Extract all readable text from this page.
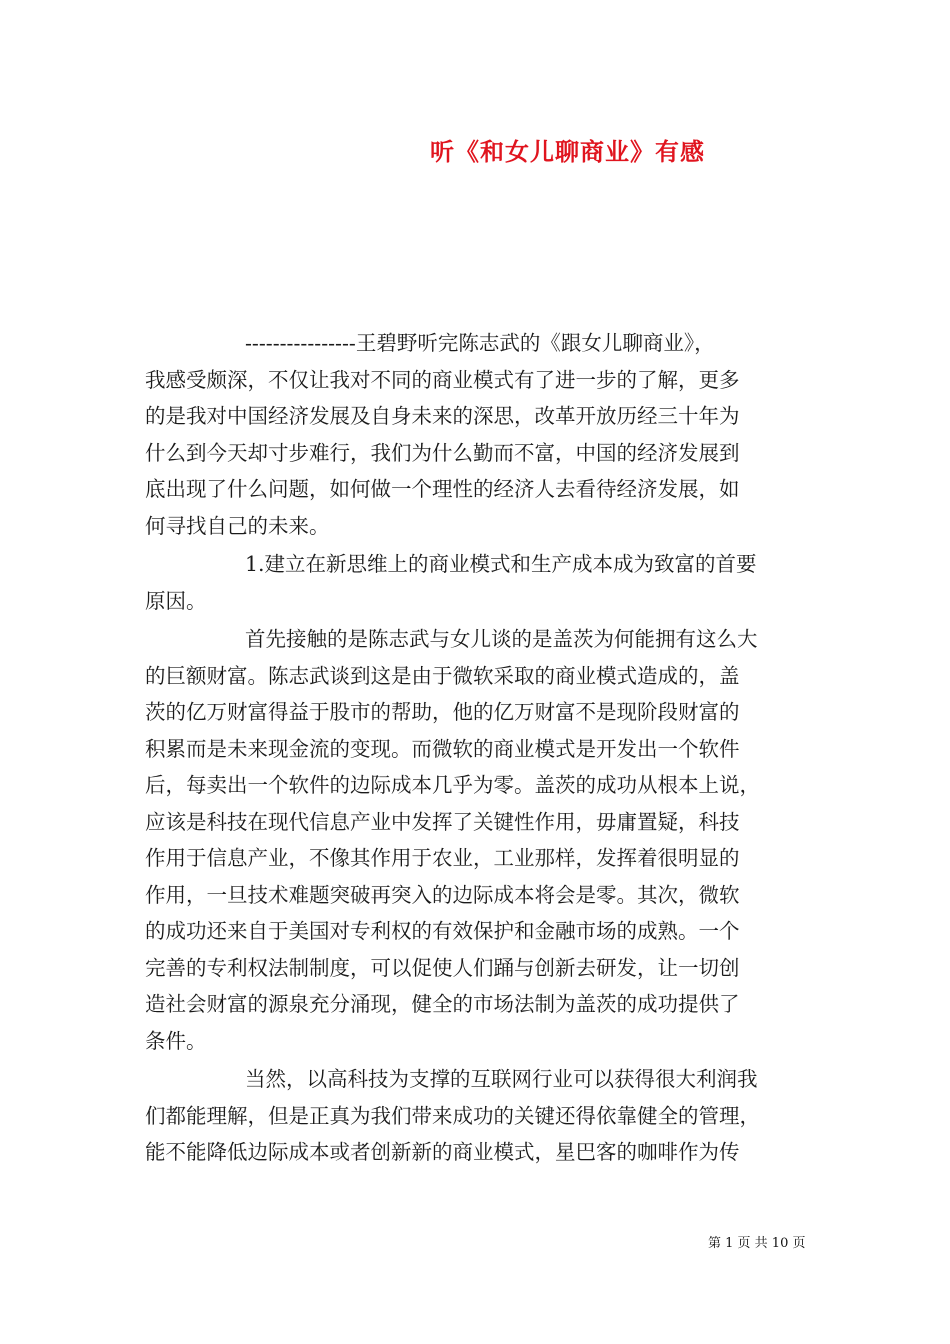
听《和女儿聊商业》有感

----------------王碧野听完陈志武的《跟女儿聊商业》，
我感受颇深，不仅让我对不同的商业模式有了进一步的了解，更多
的是我对中国经济发展及自身未来的深思，改革开放历经三十年为
什么到今天却寸步难行，我们为什么勤而不富，中国的经济发展到
底出现了什么问题，如何做一个理性的经济人去看待经济发展，如
何寻找自己的未来。

1.建立在新思维上的商业模式和生产成本成为致富的首要
原因。

首先接触的是陈志武与女儿谈的是盖茨为何能拥有这么大
的巨额财富。陈志武谈到这是由于微软采取的商业模式造成的，盖
茨的亿万财富得益于股市的帮助，他的亿万财富不是现阶段财富的
积累而是未来现金流的变现。而微软的商业模式是开发出一个软件
后，每卖出一个软件的边际成本几乎为零。盖茨的成功从根本上说，
应该是科技在现代信息产业中发挥了关键性作用，毋庸置疑，科技
作用于信息产业，不像其作用于农业，工业那样，发挥着很明显的
作用，一旦技术难题突破再突入的边际成本将会是零。其次，微软
的成功还来自于美国对专利权的有效保护和金融市场的成熟。一个
完善的专利权法制制度，可以促使人们踊与创新去研发，让一切创
造社会财富的源泉充分涌现，健全的市场法制为盖茨的成功提供了
条件。

当然，以高科技为支撑的互联网行业可以获得很大利润我
们都能理解，但是正真为我们带来成功的关键还得依靠健全的管理，
能不能降低边际成本或者创新新的商业模式，星巴客的咖啡作为传

第 1 页 共 10 页
